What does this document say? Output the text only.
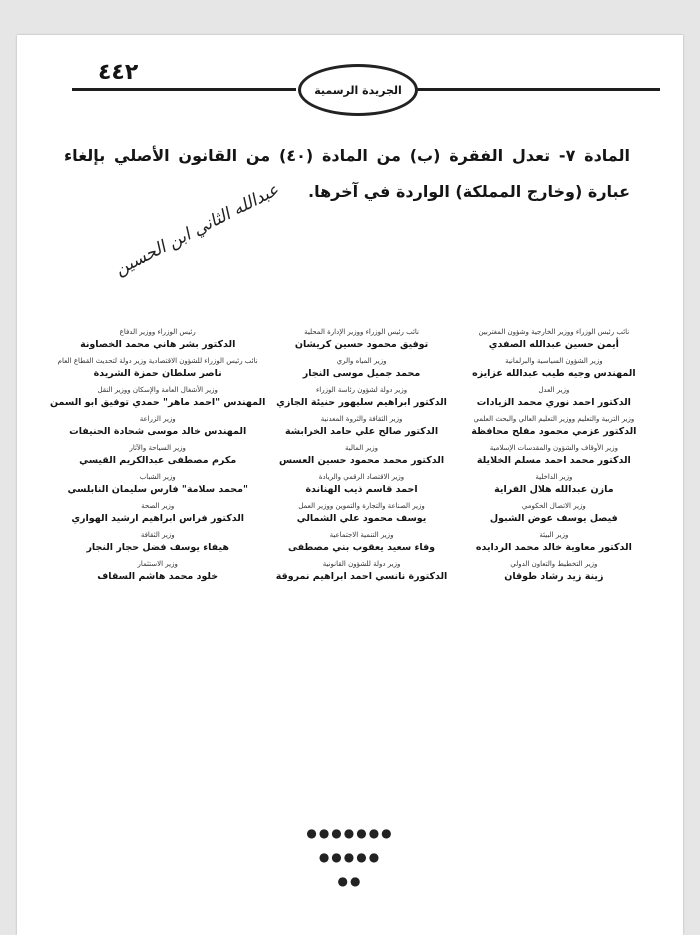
٤٤٢
الجريدة الرسمية
المادة ٧- تعدل الفقرة (ب) من المادة (٤٠) من القانون الأصلي بإلغاء عبارة (وخارج المملكة) الواردة في آخرها.
عبدالله الثاني ابن الحسين
نائب رئيس الوزراء ووزير الخارجية وشؤون المغتربين
أيمن حسين عبدالله الصفدي
نائب رئيس الوزراء ووزير الإدارة المحلية
توفيق محمود حسين كريشان
رئيس الوزراء ووزير الدفاع
الدكتور بشر هاني محمد الخصاونة
وزير الشؤون السياسية والبرلمانية
المهندس وجيه طيب عبدالله عزايزه
وزير المياه والري
محمد جميل موسى النجار
نائب رئيس الوزراء للشؤون الاقتصادية وزير دولة لتحديث القطاع العام
ناصر سلطان حمزة الشريدة
وزير العدل
الدكتور احمد نوري محمد الزيادات
وزير دولة لشؤون رئاسة الوزراء
الدكتور ابراهيم سليهور حنيئة الجازي
وزير الأشغال العامة والإسكان ووزير النقل
المهندس "احمد ماهر" حمدي توفيق ابو السمن
وزير التربية والتعليم ووزير التعليم العالي والبحث العلمي
الدكتور عزمي محمود مفلح محافظة
وزير الثقافة والثروة المعدنية
الدكتور صالح علي حامد الخرابشة
وزير الزراعة
المهندس خالد موسى شحادة الحنيفات
وزير الأوقاف والشؤون والمقدسات الإسلامية
الدكتور محمد احمد مسلم الخلايلة
وزير المالية
الدكتور محمد محمود حسين العسس
وزير السياحة والآثار
مكرم مصطفى عبدالكريم القيسي
وزير الداخلية
مازن عبدالله هلال الفراية
وزير الاقتصاد الرقمي والريادة
احمد قاسم ذيب الهناندة
وزير الشباب
"محمد سلامة" فارس سليمان النابلسي
وزير الاتصال الحكومي
فيصل يوسف عوض الشبول
وزير الصناعة والتجارة والتموين ووزير العمل
يوسف محمود علي الشمالي
وزير الصحة
الدكتور فراس ابراهيم ارشيد الهواري
وزير البيئة
الدكتور معاوية خالد محمد الردايده
وزير التنمية الاجتماعية
وفاء سعيد يعقوب بني مصطفى
وزير الثقافة
هيفاء يوسف فضل حجار النجار
وزير التخطيط والتعاون الدولي
زينة زيد رشاد طوقان
وزير دولة للشؤون القانونية
الدكتورة نانسي احمد ابراهيم نمروقة
وزير الاستثمار
خلود محمد هاشم السقاف
●●●●●●●
●●●●●
●●
